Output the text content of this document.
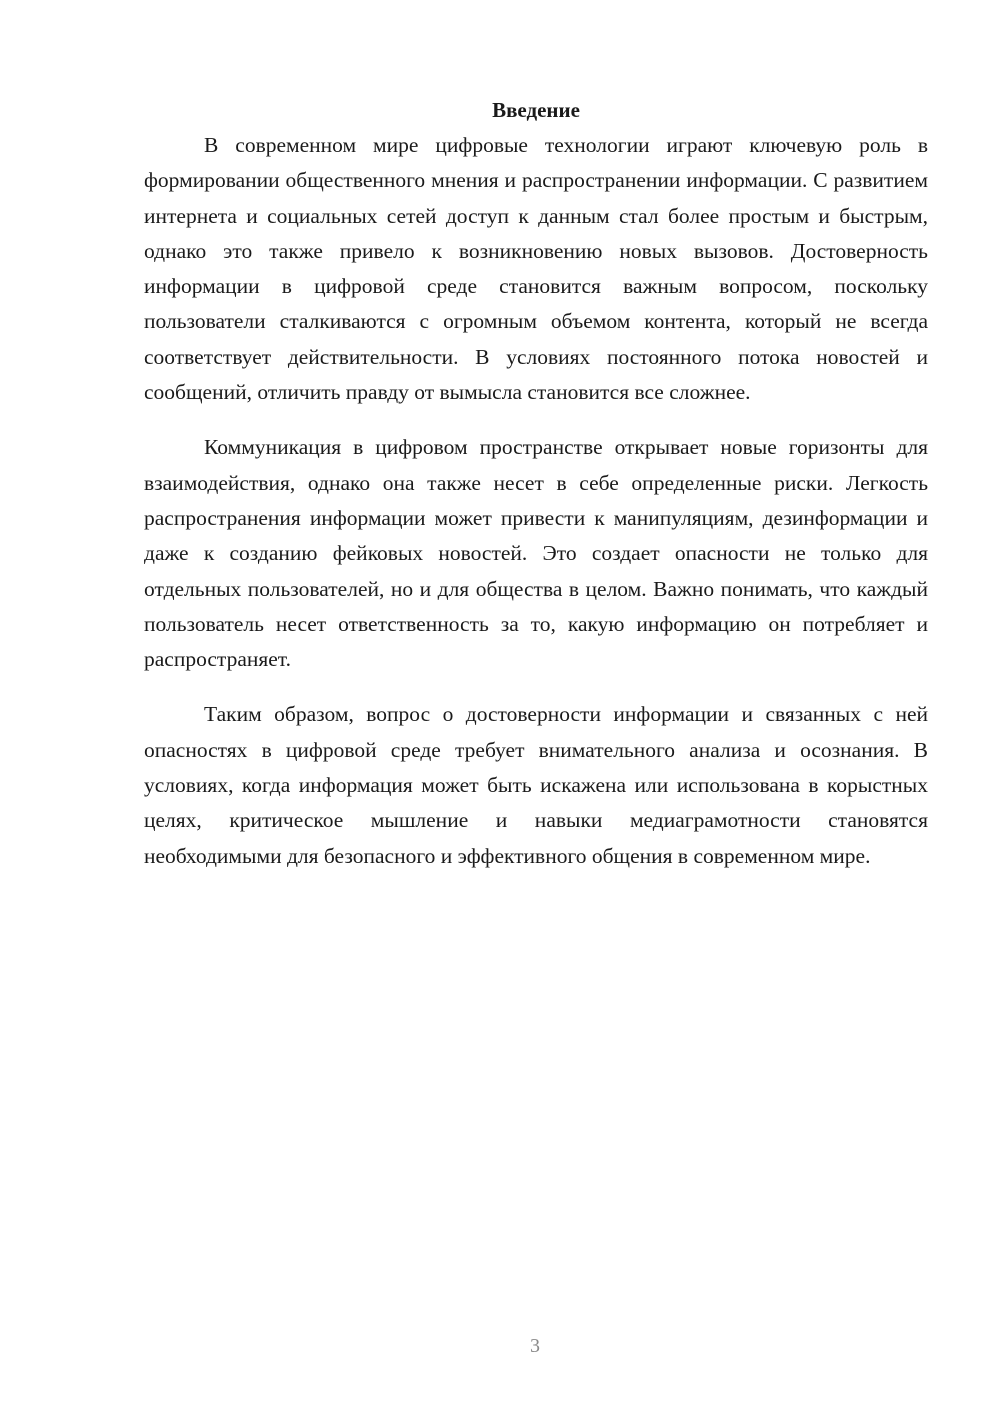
Введение

В современном мире цифровые технологии играют ключевую роль в формировании общественного мнения и распространении информации. С развитием интернета и социальных сетей доступ к данным стал более простым и быстрым, однако это также привело к возникновению новых вызовов. Достоверность информации в цифровой среде становится важным вопросом, поскольку пользователи сталкиваются с огромным объемом контента, который не всегда соответствует действительности. В условиях постоянного потока новостей и сообщений, отличить правду от вымысла становится все сложнее.

Коммуникация в цифровом пространстве открывает новые горизонты для взаимодействия, однако она также несет в себе определенные риски. Легкость распространения информации может привести к манипуляциям, дезинформации и даже к созданию фейковых новостей. Это создает опасности не только для отдельных пользователей, но и для общества в целом. Важно понимать, что каждый пользователь несет ответственность за то, какую информацию он потребляет и распространяет.

Таким образом, вопрос о достоверности информации и связанных с ней опасностях в цифровой среде требует внимательного анализа и осознания. В условиях, когда информация может быть искажена или использована в корыстных целях, критическое мышление и навыки медиаграмотности становятся необходимыми для безопасного и эффективного общения в современном мире.

3
